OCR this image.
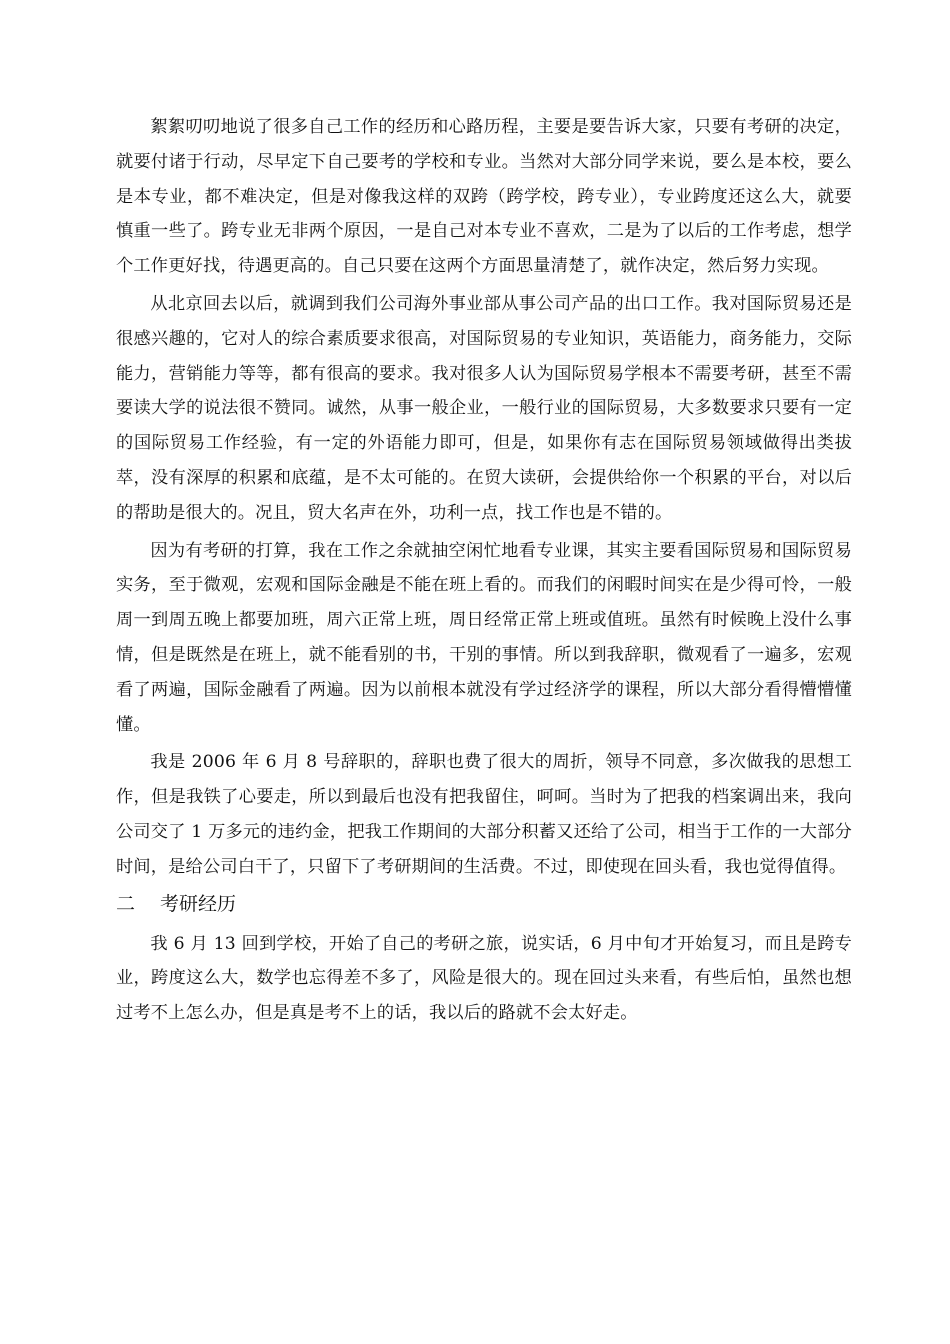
絮絮叨叨地说了很多自己工作的经历和心路历程，主要是要告诉大家，只要有考研的决定，就要付诸于行动，尽早定下自己要考的学校和专业。当然对大部分同学来说，要么是本校，要么是本专业，都不难决定，但是对像我这样的双跨（跨学校，跨专业），专业跨度还这么大，就要慎重一些了。跨专业无非两个原因，一是自己对本专业不喜欢，二是为了以后的工作考虑，想学个工作更好找，待遇更高的。自己只要在这两个方面思量清楚了，就作决定，然后努力实现。

从北京回去以后，就调到我们公司海外事业部从事公司产品的出口工作。我对国际贸易还是很感兴趣的，它对人的综合素质要求很高，对国际贸易的专业知识，英语能力，商务能力，交际能力，营销能力等等，都有很高的要求。我对很多人认为国际贸易学根本不需要考研，甚至不需要读大学的说法很不赞同。诚然，从事一般企业，一般行业的国际贸易，大多数要求只要有一定的国际贸易工作经验，有一定的外语能力即可，但是，如果你有志在国际贸易领域做得出类拔萃，没有深厚的积累和底蕴，是不太可能的。在贸大读研，会提供给你一个积累的平台，对以后的帮助是很大的。况且，贸大名声在外，功利一点，找工作也是不错的。

因为有考研的打算，我在工作之余就抽空闲忙地看专业课，其实主要看国际贸易和国际贸易实务，至于微观，宏观和国际金融是不能在班上看的。而我们的闲暇时间实在是少得可怜，一般周一到周五晚上都要加班，周六正常上班，周日经常正常上班或值班。虽然有时候晚上没什么事情，但是既然是在班上，就不能看别的书，干别的事情。所以到我辞职，微观看了一遍多，宏观看了两遍，国际金融看了两遍。因为以前根本就没有学过经济学的课程，所以大部分看得懵懵懂懂。

我是 2006 年 6 月 8 号辞职的，辞职也费了很大的周折，领导不同意，多次做我的思想工作，但是我铁了心要走，所以到最后也没有把我留住，呵呵。当时为了把我的档案调出来，我向公司交了 1 万多元的违约金，把我工作期间的大部分积蓄又还给了公司，相当于工作的一大部分时间，是给公司白干了，只留下了考研期间的生活费。不过，即使现在回头看，我也觉得值得。

二 考研经历

我 6 月 13 回到学校，开始了自己的考研之旅，说实话，6 月中旬才开始复习，而且是跨专业，跨度这么大，数学也忘得差不多了，风险是很大的。现在回过头来看，有些后怕，虽然也想过考不上怎么办，但是真是考不上的话，我以后的路就不会太好走。
